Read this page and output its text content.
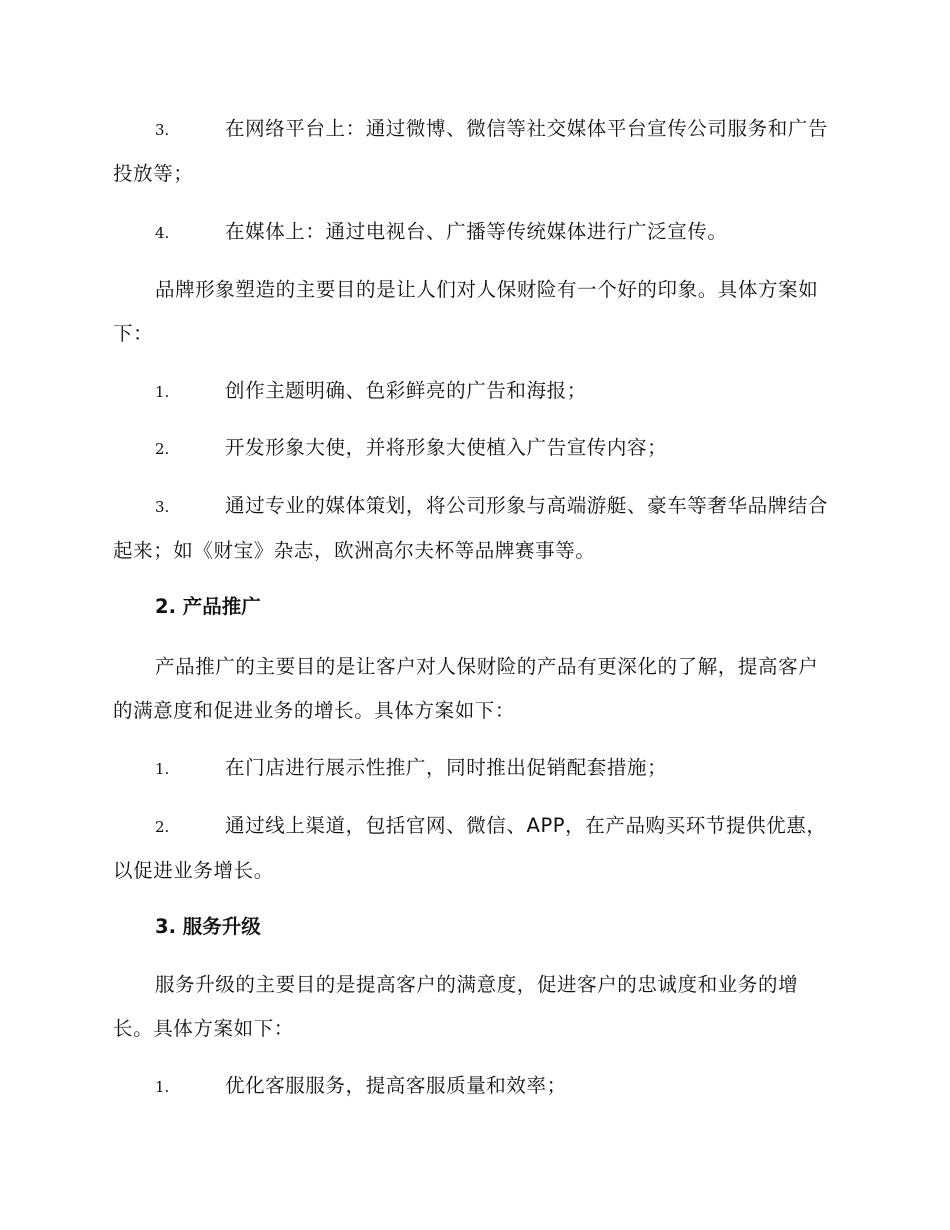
3.	在网络平台上：通过微博、微信等社交媒体平台宣传公司服务和广告投放等；
4.	在媒体上：通过电视台、广播等传统媒体进行广泛宣传。

品牌形象塑造的主要目的是让人们对人保财险有一个好的印象。具体方案如下：

1.	创作主题明确、色彩鲜亮的广告和海报；
2.	开发形象大使，并将形象大使植入广告宣传内容；
3.	通过专业的媒体策划，将公司形象与高端游艇、豪车等奢华品牌结合起来；如《财宝》杂志，欧洲高尔夫杯等品牌赛事等。
2. 产品推广

产品推广的主要目的是让客户对人保财险的产品有更深化的了解，提高客户的满意度和促进业务的增长。具体方案如下：

1.	在门店进行展示性推广，同时推出促销配套措施；
2.	通过线上渠道，包括官网、微信、APP，在产品购买环节提供优惠，以促进业务增长。
3. 服务升级

服务升级的主要目的是提高客户的满意度，促进客户的忠诚度和业务的增长。具体方案如下：

1.	优化客服服务，提高客服质量和效率；
